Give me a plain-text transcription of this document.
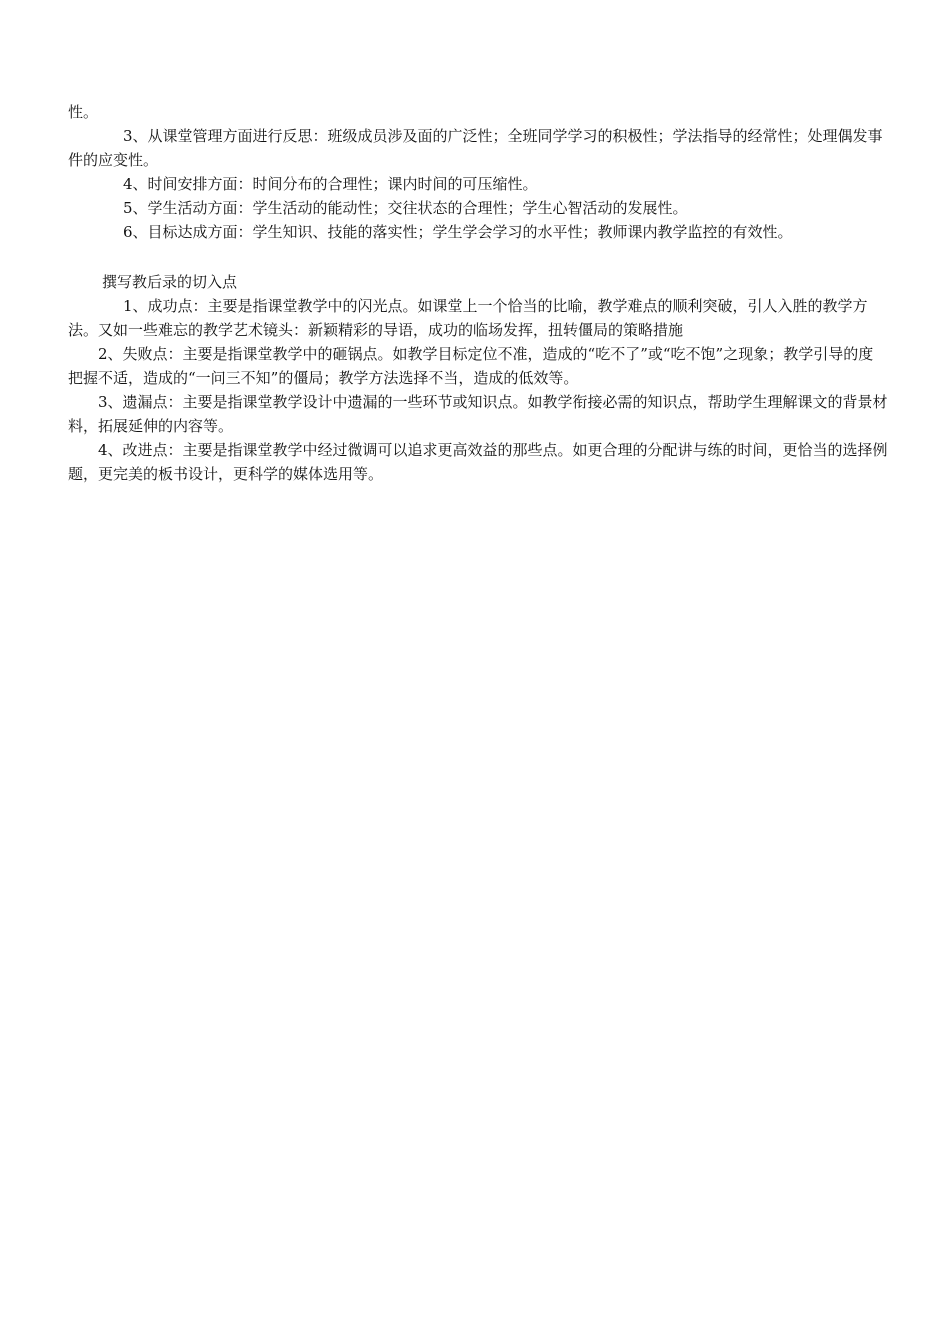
性。

3、从课堂管理方面进行反思：班级成员涉及面的广泛性；全班同学学习的积极性；学法指导的经常性；处理偶发事件的应变性。

4、时间安排方面：时间分布的合理性；课内时间的可压缩性。

5、学生活动方面：学生活动的能动性；交往状态的合理性；学生心智活动的发展性。

6、目标达成方面：学生知识、技能的落实性；学生学会学习的水平性；教师课内教学监控的有效性。

撰写教后录的切入点

1、成功点：主要是指课堂教学中的闪光点。如课堂上一个恰当的比喻，教学难点的顺利突破，引人入胜的教学方法。又如一些难忘的教学艺术镜头：新颖精彩的导语，成功的临场发挥，扭转僵局的策略措施

2、失败点：主要是指课堂教学中的砸锅点。如教学目标定位不准，造成的“吃不了”或“吃不饱”之现象；教学引导的度把握不适，造成的“一问三不知”的僵局；教学方法选择不当，造成的低效等。

3、遗漏点：主要是指课堂教学设计中遗漏的一些环节或知识点。如教学衔接必需的知识点，帮助学生理解课文的背景材料，拓展延伸的内容等。

4、改进点：主要是指课堂教学中经过微调可以追求更高效益的那些点。如更合理的分配讲与练的时间，更恰当的选择例题，更完美的板书设计，更科学的媒体选用等。
